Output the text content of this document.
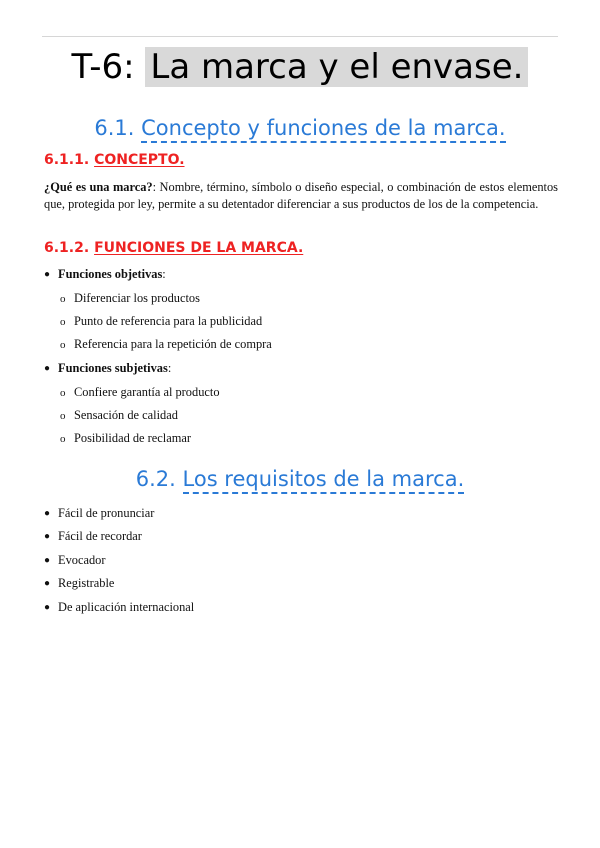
T-6: La marca y el envase.
6.1. Concepto y funciones de la marca.
6.1.1. CONCEPTO.
¿Qué es una marca?: Nombre, término, símbolo o diseño especial, o combinación de estos elementos que, protegida por ley, permite a su detentador diferenciar a sus productos de los de la competencia.
6.1.2. FUNCIONES DE LA MARCA.
● Funciones objetivas:
o Diferenciar los productos
o Punto de referencia para la publicidad
o Referencia para la repetición de compra
● Funciones subjetivas:
o Confiere garantía al producto
o Sensación de calidad
o Posibilidad de reclamar
6.2. Los requisitos de la marca.
● Fácil de pronunciar
● Fácil de recordar
● Evocador
● Registrable
● De aplicación internacional
